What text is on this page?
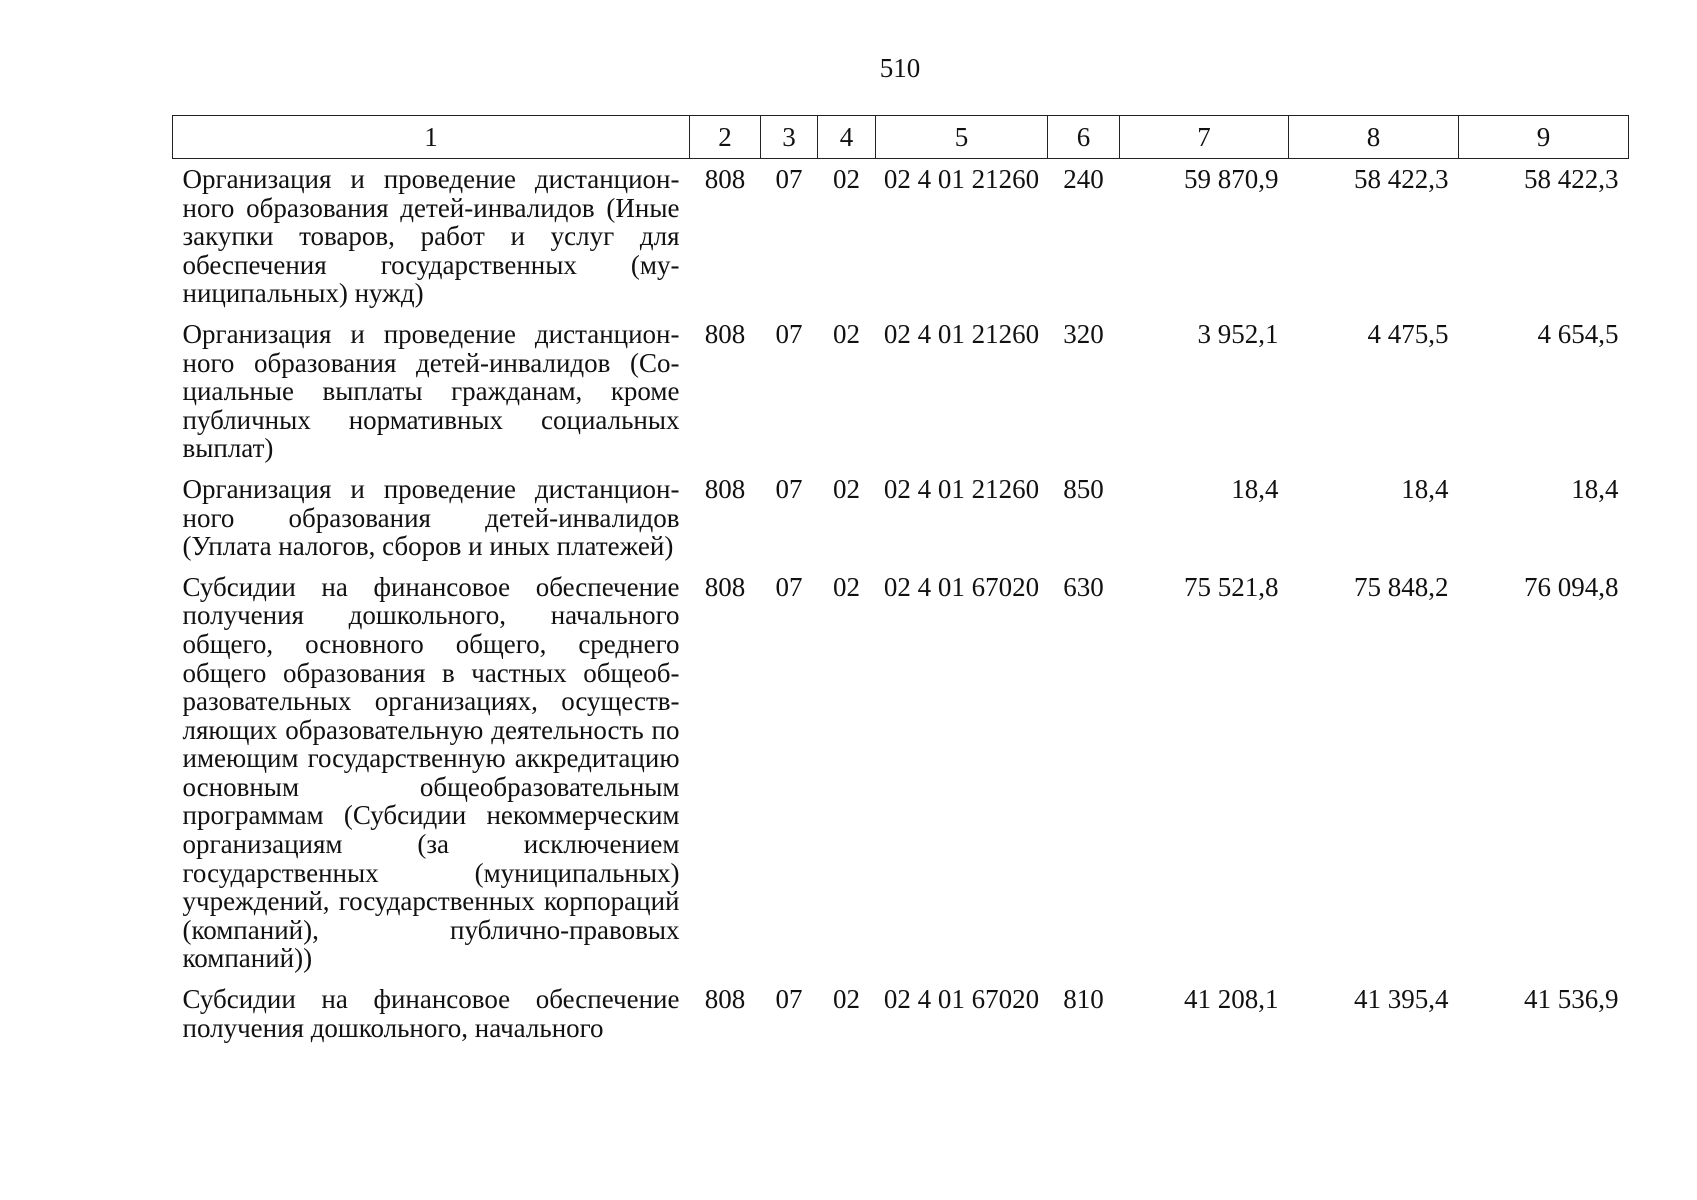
510
1	2	3	4	5	6	7	8	9
Организация и проведение дистанционного образования детей-инвалидов (Иные закупки товаров, работ и услуг для обеспечения государственных (муниципальных) нужд)	808	07	02	02 4 01 21260	240	59 870,9	58 422,3	58 422,3
Организация и проведение дистанционного образования детей-инвалидов (Социальные выплаты гражданам, кроме публичных нормативных социальных выплат)	808	07	02	02 4 01 21260	320	3 952,1	4 475,5	4 654,5
Организация и проведение дистанционного образования детей-инвалидов (Уплата налогов, сборов и иных платежей)	808	07	02	02 4 01 21260	850	18,4	18,4	18,4
Субсидии на финансовое обеспечение получения дошкольного, начального общего, основного общего, среднего общего образования в частных общеобразовательных организациях, осуществляющих образовательную деятельность по имеющим государственную аккредитацию основным общеобразовательным программам (Субсидии некоммерческим организациям (за исключением государственных (муниципальных) учреждений, государственных корпораций (компаний), публично-правовых компаний))	808	07	02	02 4 01 67020	630	75 521,8	75 848,2	76 094,8
Субсидии на финансовое обеспечение получения дошкольного, начального	808	07	02	02 4 01 67020	810	41 208,1	41 395,4	41 536,9
